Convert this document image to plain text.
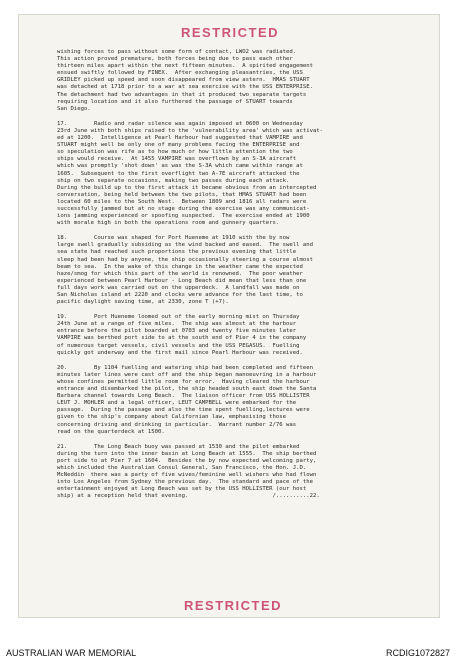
RESTRICTED

wishing forces to pass without some form of contact, LWO2 was radiated.
This action proved premature, both forces being due to pass each other
thirteen miles apart within the next fifteen minutes.  A spirited engagement
ensued swiftly followed by FINEX.  After exchanging pleasantries, the USS
GRIDLEY picked up speed and soon disappeared from view astern.  HMAS STUART
was detached at 1718 prior to a war at sea exercise with the USS ENTERPRISE.
The detachment had two advantages in that it produced two separate targets
requiring location and it also furthered the passage of STUART towards
San Diego.

17.        Radio and radar silence was again imposed at 0600 on Wednesday
23rd June with both ships raised to the 'vulnerability area' which was activat-
ed at 1200.  Intelligence at Pearl Harbour had suggested that VAMPIRE and
STUART might well be only one of many problems facing the ENTERPRISE and
so speculation was rife as to how much or how little attention the two
ships would receive.  At 1455 VAMPIRE was overflown by an S-3A aircraft
which was promptly 'shot down' as was the S-3A which came within range at
1605.  Subsequent to the first overflight two A-7E aircraft attacked the
ship on two separate occasions, making two passes during each attack.
During the build up to the first attack it became obvious from an intercepted
conversation, being held between the two pilots, that HMAS STUART had been
located 60 miles to the South West.  Between 1809 and 1816 all radars were
successfully jammed but at no stage during the exercise was any communicat-
ions jamming experienced or spoofing suspected.  The exercise ended at 1900
with morale high in both the operations room and gunnery quarters.

18.        Course was shaped for Port Hueneme at 1910 with the by now
large swell gradually subsiding as the wind backed and eased.  The swell and
sea state had reached such proportions the previous evening that little
sleep had been had by anyone, the ship occasionally steering a course almost
beam to sea.  In the wake of this change in the weather came the expected
haze/smog for which this part of the world is renowned.  The poor weather
experienced between Pearl Harbour - Long Beach did mean that less than one
full days work was carried out on the upperdeck.  A landfall was made on
San Nicholas island at 2220 and clocks were advance for the last time, to
pacific daylight saving time, at 2330, zone T (+7).

19.        Port Hueneme loomed out of the early morning mist on Thursday
24th June at a range of five miles.  The ship was almost at the harbour
entrance before the pilot boarded at 0703 and twenty five minutes later
VAMPIRE was berthed port side to at the south end of Pier 4 in the company
of numerous target vessels, civil vessels and the USS PEGASUS.  Fuelling
quickly got underway and the first mail since Pearl Harbour was received.

20.        By 1104 fuelling and watering ship had been completed and fifteen
minutes later lines were cast off and the ship began manoeuvring in a harbour
whose confines permitted little room for error.  Having cleared the harbour
entrance and disembarked the pilot, the ship headed south east down the Santa
Barbara channel towards Long Beach.  The liaison officer from USS HOLLISTER
LEUT J. MOHLER and a legal officer, LEUT CAMPBELL were embarked for the
passage.  During the passage and also the time spent fuelling,lectures were
given to the ship's company about Californian law, emphasising those
concerning driving and drinking in particular.  Warrant number 2/76 was
read on the quarterdeck at 1500.

21.        The Long Beach buoy was passed at 1530 and the pilot embarked
during the turn into the inner basin at Long Beach at 1555.  The ship berthed
port side to at Pier 7 at 1604.  Besides the by now expected welcoming party,
which included the Australian Consul General, San Francisco, the Hon. J.D.
McNeddin  there was a party of five wives/feminine well wishers who had flown
into Los Angeles from Sydney the previous day.  The standard and pace of the
entertainment enjoyed at Long Beach was set by the USS HOLLISTER (our host
ship) at a reception held that evening.                         /..........22.

RESTRICTED
AUSTRALIAN WAR MEMORIAL	RCDIG1072827
